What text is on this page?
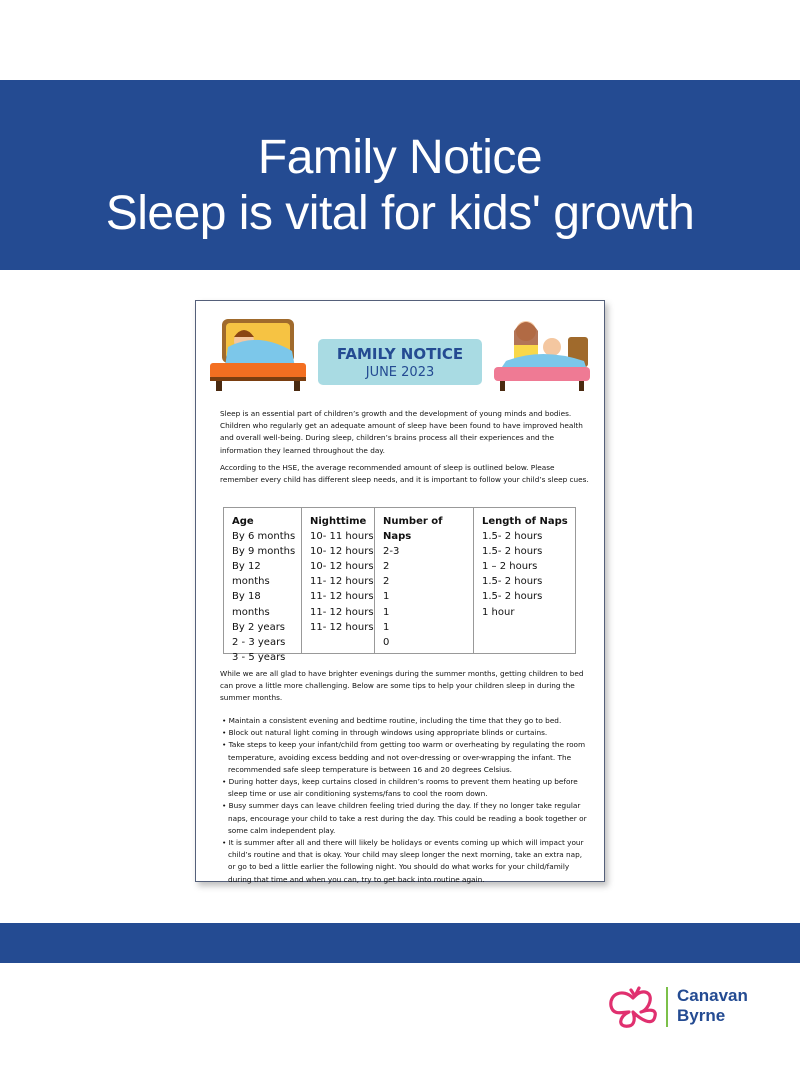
Family Notice
Sleep is vital for kids' growth
FAMILY NOTICE
JUNE 2023

Sleep is an essential part of children’s growth and the development of young minds and bodies. Children who regularly get an adequate amount of sleep have been found to have improved health and overall well-being. During sleep, children’s brains process all their experiences and the information they learned throughout the day.

According to the HSE, the average recommended amount of sleep is outlined below. Please remember every child has different sleep needs, and it is important to follow your child’s sleep cues.

Age
By 6 months
By 9 months
By 12 months
By 18 months
By 2 years
2 - 3 years
3 - 5 years
Nighttime
10- 11 hours
10- 12 hours
10- 12 hours
11- 12 hours
11- 12 hours
11- 12 hours
11- 12 hours
Number of Naps
2-3
2
2
1
1
1
0
Length of Naps
1.5- 2 hours
1.5- 2 hours
1 – 2 hours
1.5- 2 hours
1.5- 2 hours
1 hour

While we are all glad to have brighter evenings during the summer months, getting children to bed can prove a little more challenging. Below are some tips to help your children sleep in during the summer months.

• Maintain a consistent evening and bedtime routine, including the time that they go to bed.
• Block out natural light coming in through windows using appropriate blinds or curtains.
• Take steps to keep your infant/child from getting too warm or overheating by regulating the room temperature, avoiding excess bedding and not over-dressing or over-wrapping the infant. The recommended safe sleep temperature is between 16 and 20 degrees Celsius.
• During hotter days, keep curtains closed in children’s rooms to prevent them heating up before sleep time or use air conditioning systems/fans to cool the room down.
• Busy summer days can leave children feeling tried during the day. If they no longer take regular naps, encourage your child to take a rest during the day. This could be reading a book together or some calm independent play.
• It is summer after all and there will likely be holidays or events coming up which will impact your child’s routine and that is okay. Your child may sleep longer the next morning, take an extra nap, or go to bed a little earlier the following night. You should do what works for your child/family during that time and when you can, try to get back into routine again.
Canavan
Byrne
